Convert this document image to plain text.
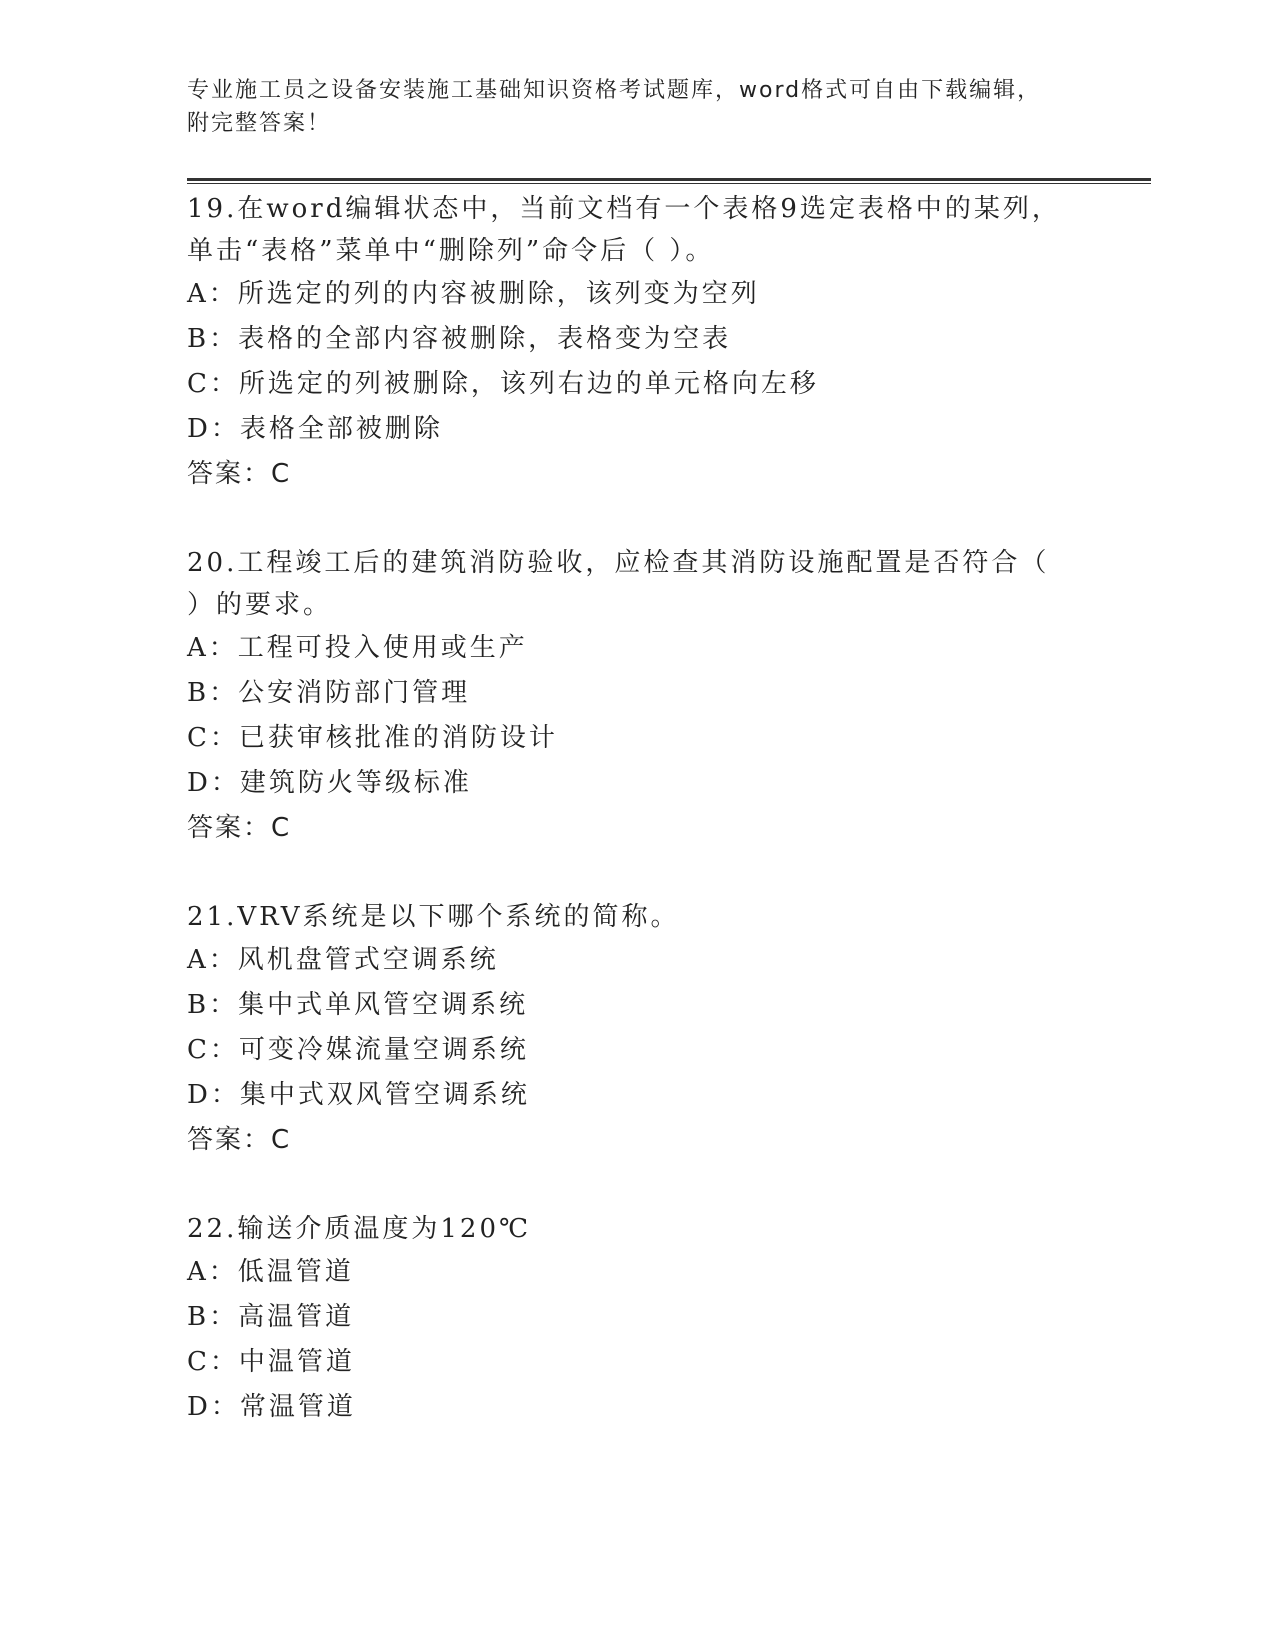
专业施工员之设备安装施工基础知识资格考试题库，word格式可自由下载编辑，
附完整答案！

19.在word编辑状态中，当前文档有一个表格9选定表格中的某列，

单击“表格”菜单中“删除列”命令后（ ）。

A：所选定的列的内容被删除，该列变为空列
B：表格的全部内容被删除，表格变为空表
C：所选定的列被删除，该列右边的单元格向左移
D：表格全部被删除
答案：C

20.工程竣工后的建筑消防验收，应检查其消防设施配置是否符合（

）的要求。

A：工程可投入使用或生产
B：公安消防部门管理
C：已获审核批准的消防设计
D：建筑防火等级标准
答案：C

21.VRV系统是以下哪个系统的简称。

A：风机盘管式空调系统
B：集中式单风管空调系统
C：可变冷媒流量空调系统
D：集中式双风管空调系统
答案：C

22.输送介质温度为120℃

A：低温管道
B：高温管道
C：中温管道
D：常温管道
